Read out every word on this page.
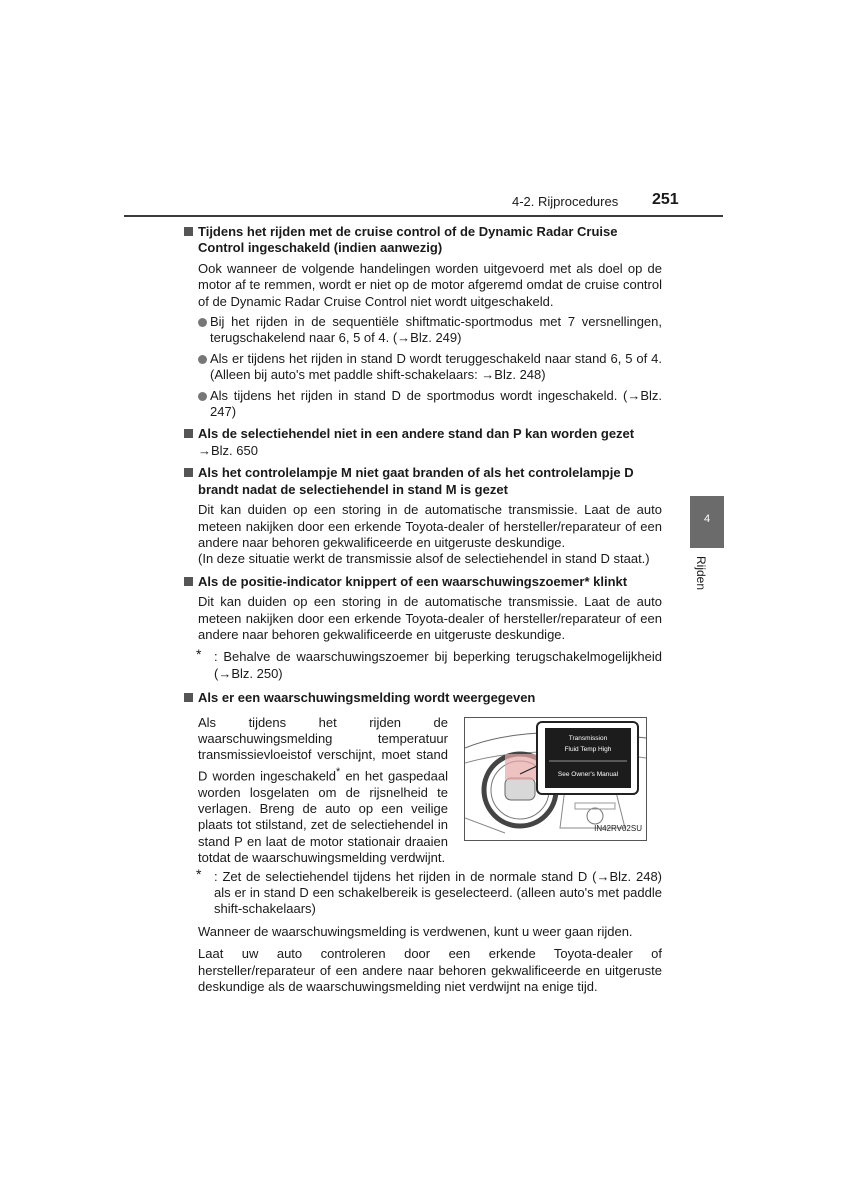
4-2. Rijprocedures 251
4
Rijden
Tijdens het rijden met de cruise control of de Dynamic Radar Cruise Control ingeschakeld (indien aanwezig)
Ook wanneer de volgende handelingen worden uitgevoerd met als doel op de motor af te remmen, wordt er niet op de motor afgeremd omdat de cruise control of de Dynamic Radar Cruise Control niet wordt uitgeschakeld.
Bij het rijden in de sequentiële shiftmatic-sportmodus met 7 versnellingen, terugschakelend naar 6, 5 of 4. (→Blz. 249)
Als er tijdens het rijden in stand D wordt teruggeschakeld naar stand 6, 5 of 4. (Alleen bij auto's met paddle shift-schakelaars: →Blz. 248)
Als tijdens het rijden in stand D de sportmodus wordt ingeschakeld. (→Blz. 247)
Als de selectiehendel niet in een andere stand dan P kan worden gezet
→Blz. 650
Als het controlelampje M niet gaat branden of als het controlelampje D brandt nadat de selectiehendel in stand M is gezet
Dit kan duiden op een storing in de automatische transmissie. Laat de auto meteen nakijken door een erkende Toyota-dealer of hersteller/reparateur of een andere naar behoren gekwalificeerde en uitgeruste deskundige.
(In deze situatie werkt de transmissie alsof de selectiehendel in stand D staat.)
Als de positie-indicator knippert of een waarschuwingszoemer* klinkt
Dit kan duiden op een storing in de automatische transmissie. Laat de auto meteen nakijken door een erkende Toyota-dealer of hersteller/reparateur of een andere naar behoren gekwalificeerde en uitgeruste deskundige.
* : Behalve de waarschuwingszoemer bij beperking terugschakelmogelijkheid (→Blz. 250)
Als er een waarschuwingsmelding wordt weergegeven
Als tijdens het rijden de waarschuwingsmelding temperatuur transmissievloeistof verschijnt, moet stand D worden ingeschakeld* en het gaspedaal worden losgelaten om de rijsnelheid te verlagen. Breng de auto op een veilige plaats tot stilstand, zet de selectiehendel in stand P en laat de motor stationair draaien totdat de waarschuwingsmelding verdwijnt.
Transmission
Fluid Temp High
See Owner's Manual
IN42RV02SU
* : Zet de selectiehendel tijdens het rijden in de normale stand D (→Blz. 248) als er in stand D een schakelbereik is geselecteerd. (alleen auto's met paddle shift-schakelaars)
Wanneer de waarschuwingsmelding is verdwenen, kunt u weer gaan rijden.
Laat uw auto controleren door een erkende Toyota-dealer of hersteller/reparateur of een andere naar behoren gekwalificeerde en uitgeruste deskundige als de waarschuwingsmelding niet verdwijnt na enige tijd.
